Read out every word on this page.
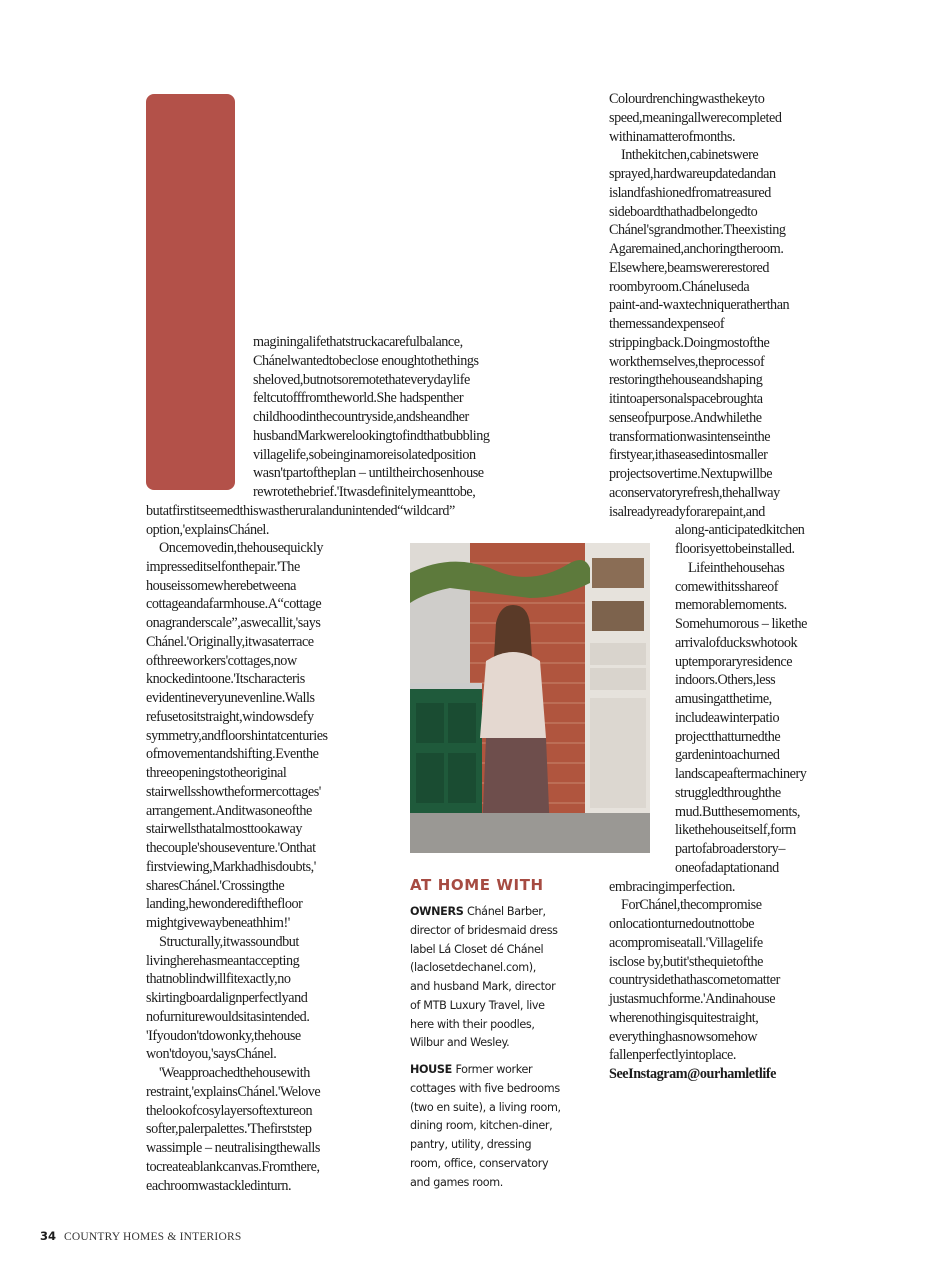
maginingalifethatstruckacarefulbalance,
Chánelwantedtobeclose enoughtothethings
sheloved,butnotsoremotethateverydaylife
feltcutofffromtheworld.She hadspenther
childhoodinthecountryside,andsheandher
husbandMarkwerelookingtofindthatbubbling
villagelife,sobeinginamoreisolatedposition
wasn'tpartoftheplan – untiltheirchosenhouse
rewrotethebrief.'Itwasdefinitelymeanttobe,
butatfirstitseemedthiswastheruralandunintended“wildcard”
option,'explainsChánel.
Oncemovedin,thehousequickly
impresseditselfonthepair.'The
houseissomewherebetweena
cottageandafarmhouse.A“cottage
onagranderscale”,aswecallit,'says
Chánel.'Originally,itwasaterrace
ofthreeworkers'cottages,now
knockedintoone.'Itscharacteris
evidentineveryunevenline.Walls
refusetositstraight,windowsdefy
symmetry,andfloorshintatcenturies
ofmovementandshifting.Eventhe
threeopeningstotheoriginal
stairwellsshowtheformercottages'
arrangement.Anditwasoneofthe
stairwellsthatalmosttookaway
thecouple'shouseventure.'Onthat
firstviewing,Markhadhisdoubts,'
sharesChánel.'Crossingthe
landing,hewonderedifthefloor
mightgivewaybeneathhim!'
Structurally,itwassoundbut
livingherehasmeantaccepting
thatnoblindwillfitexactly,no
skirtingboardalignperfectlyand
nofurniturewouldsitasintended.
'Ifyoudon'tdowonky,thehouse
won'tdoyou,'saysChánel.
'Weapproachedthehousewith
restraint,'explainsChánel.'Welove
thelookofcosylayersoftextureon
softer,palerpalettes.'Thefirststep
wassimple – neutralisingthewalls
tocreateablankcanvas.Fromthere,
eachroomwastackledinturn.
Colourdrenchingwasthekeyto
speed,meaningallwerecompleted
withinamatterofmonths.
Inthekitchen,cabinetswere
sprayed,hardwareupdatedandan
islandfashionedfromatreasured
sideboardthathadbelongedto
Chánel'sgrandmother.Theexisting
Agaremained,anchoringtheroom.
Elsewhere,beamswererestored
roombyroom.Cháneluseda
paint-and-waxtechniqueratherthan
themessandexpenseof
strippingback.Doingmostofthe
workthemselves,theprocessof
restoringthehouseandshaping
itintoapersonalspacebroughta
senseofpurpose.Andwhilethe
transformationwasintenseinthe
firstyear,ithaseasedintosmaller
projectsovertime.Nextupwillbe
aconservatoryrefresh,thehallway
isalreadyreadyforarepaint,and
along-anticipatedkitchen
floorisyettobeinstalled.
Lifeinthehousehas
comewithitsshareof
memorablemoments.
Somehumorous – likethe
arrivalofduckswhotook
uptemporaryresidence
indoors.Others,less
amusingatthetime,
includeawinterpatio
projectthatturnedthe
gardenintoachurned
landscapeaftermachinery
struggledthroughthe
mud.Butthesemoments,
likethehouseitself,form
partofabroaderstory–
oneofadaptationand
embracingimperfection.
ForChánel,thecompromise
onlocationturnedoutnottobe
acompromiseatall.'Villagelife
isclose by,butit'sthequietofthe
countrysidethathascometomatter
justasmuchforme.'Andinahouse
wherenothingisquitestraight,
everythinghasnowsomehow
fallenperfectlyintoplace.
SeeInstagram@ourhamletlife
AT HOME WITH
OWNERS Chánel Barber,
director of bridesmaid dress
label Lá Closet dé Chánel
(laclosetdechanel.com),
and husband Mark, director
of MTB Luxury Travel, live
here with their poodles,
Wilbur and Wesley.
HOUSE Former worker
cottages with five bedrooms
(two en suite), a living room,
dining room, kitchen-diner,
pantry, utility, dressing
room, office, conservatory
and games room.
34 COUNTRY HOMES & INTERIORS
